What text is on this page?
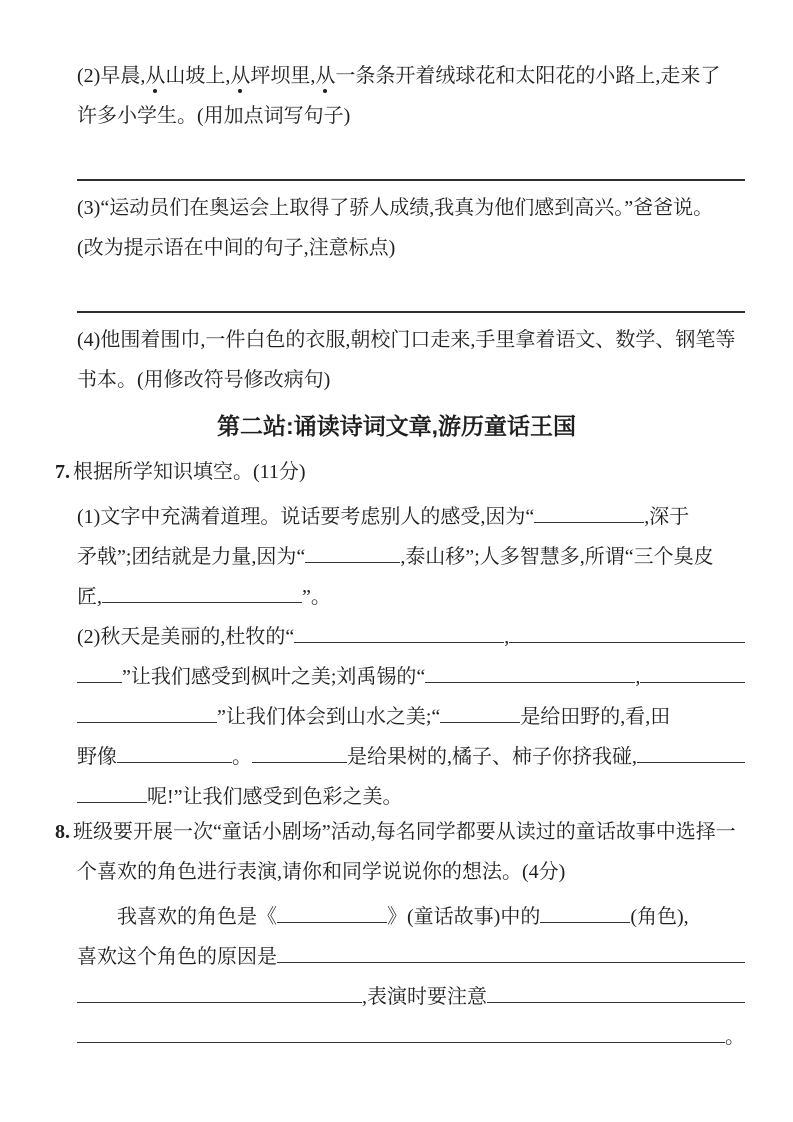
(2)早晨, 从 山坡上, 从 坪坝里, 从 一条条开着绒球花和太阳花的小路上,走来了
许多小学生。(用加点词写句子)
(3)“运动员们在奥运会上取得了骄人成绩,我真为他们感到高兴。”爸爸说。
(改为提示语在中间的句子,注意标点)
(4)他围着围巾,一件白色的衣服,朝校门口走来,手里拿着语文、数学、钢笔等
书本。(用修改符号修改病句)
第二站:诵读诗词文章,游历童话王国
7. 根据所学知识填空。(11分)
(1)文字中充满着道理。说话要考虑别人的感受,因为“	,深于
矛戟”;团结就是力量,因为“	,泰山移”;人多智慧多,所谓“三个臭皮
匠,	”。
(2)秋天是美丽的,杜牧的“	,
”让我们感受到枫叶之美;刘禹锡的“	,
”让我们体会到山水之美;“	是给田野的,看,田
野像	。	是给果树的,橘子、柿子你挤我碰,
呢!”让我们感受到色彩之美。
8. 班级要开展一次“童话小剧场”活动,每名同学都要从读过的童话故事中选择一
个喜欢的角色进行表演,请你和同学说说你的想法。(4分)
我喜欢的角色是《	》(童话故事)中的	(角色),
喜欢这个角色的原因是
,表演时要注意
。
